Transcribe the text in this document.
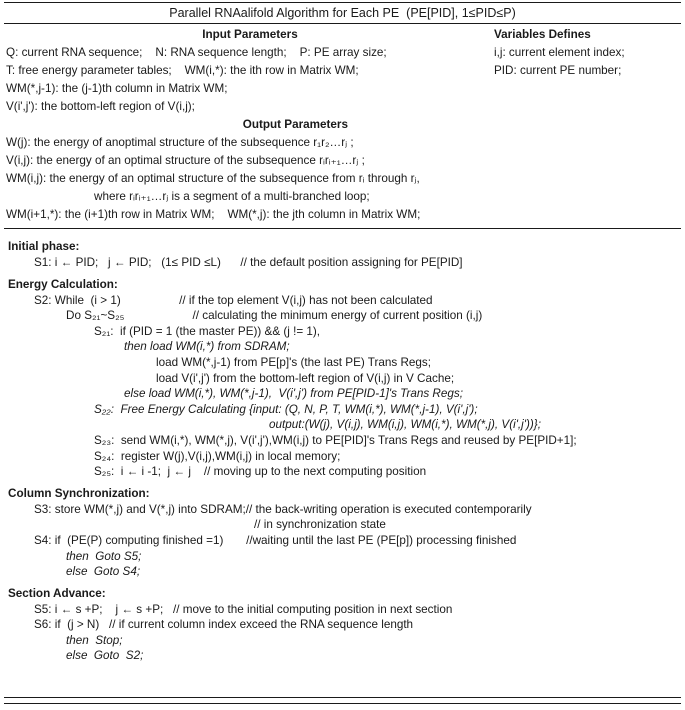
Parallel RNAalifold Algorithm for Each PE  (PE[PID], 1≤PID≤P)
Input Parameters
Q: current RNA sequence;    N: RNA sequence length;    P: PE array size;
T: free energy parameter tables;    WM(i,*): the ith row in Matrix WM;
Variables Defines
i,j: current element index;
PID: current PE number;
WM(*,j-1): the (j-1)th column in Matrix WM;
V(i',j'): the bottom-left region of V(i,j);
Output Parameters
W(j): the energy of anoptimal structure of the subsequence r₁r₂…rⱼ ;
V(i,j): the energy of an optimal structure of the subsequence rᵢrᵢ₊₁…rⱼ ;
WM(i,j): the energy of an optimal structure of the subsequence from rᵢ through rⱼ,
where rᵢrᵢ₊₁…rⱼ is a segment of a multi-branched loop;
WM(i+1,*): the (i+1)th row in Matrix WM;    WM(*,j): the jth column in Matrix WM;
Initial phase:
S1: i ← PID;   j ← PID;   (1≤ PID ≤L)      // the default position assigning for PE[PID]
Energy Calculation:
S2: While  (i > 1)                  // if the top element V(i,j) has not been calculated
Do S₂₁~S₂₅                     // calculating the minimum energy of current position (i,j)
S₂₁:  if (PID = 1 (the master PE)) && (j != 1),
then load WM(i,*) from SDRAM;
load WM(*,j-1) from PE[p]'s (the last PE) Trans Regs;
load V(i',j') from the bottom-left region of V(i,j) in V Cache;
else load WM(i,*), WM(*,j-1),  V(i',j') from PE[PID-1]'s Trans Regs;
S₂₂:  Free Energy Calculating {input: (Q, N, P, T, WM(i,*), WM(*,j-1), V(i',j');
output:(W(j), V(i,j), WM(i,j), WM(i,*), WM(*,j), V(i',j'))};
S₂₃:  send WM(i,*), WM(*,j), V(i',j'),WM(i,j) to PE[PID]'s Trans Regs and reused by PE[PID+1];
S₂₄:  register W(j),V(i,j),WM(i,j) in local memory;
S₂₅:  i ← i -1;  j ← j    // moving up to the next computing position
Column Synchronization:
S3: store WM(*,j) and V(*,j) into SDRAM;// the back-writing operation is executed contemporarily
// in synchronization state
S4: if  (PE(P) computing finished =1)       //waiting until the last PE (PE[p]) processing finished
then  Goto S5;
else  Goto S4;
Section Advance:
S5: i ← s +P;    j ← s +P;   // move to the initial computing position in next section
S6: if  (j > N)   // if current column index exceed the RNA sequence length
then  Stop;
else  Goto  S2;
